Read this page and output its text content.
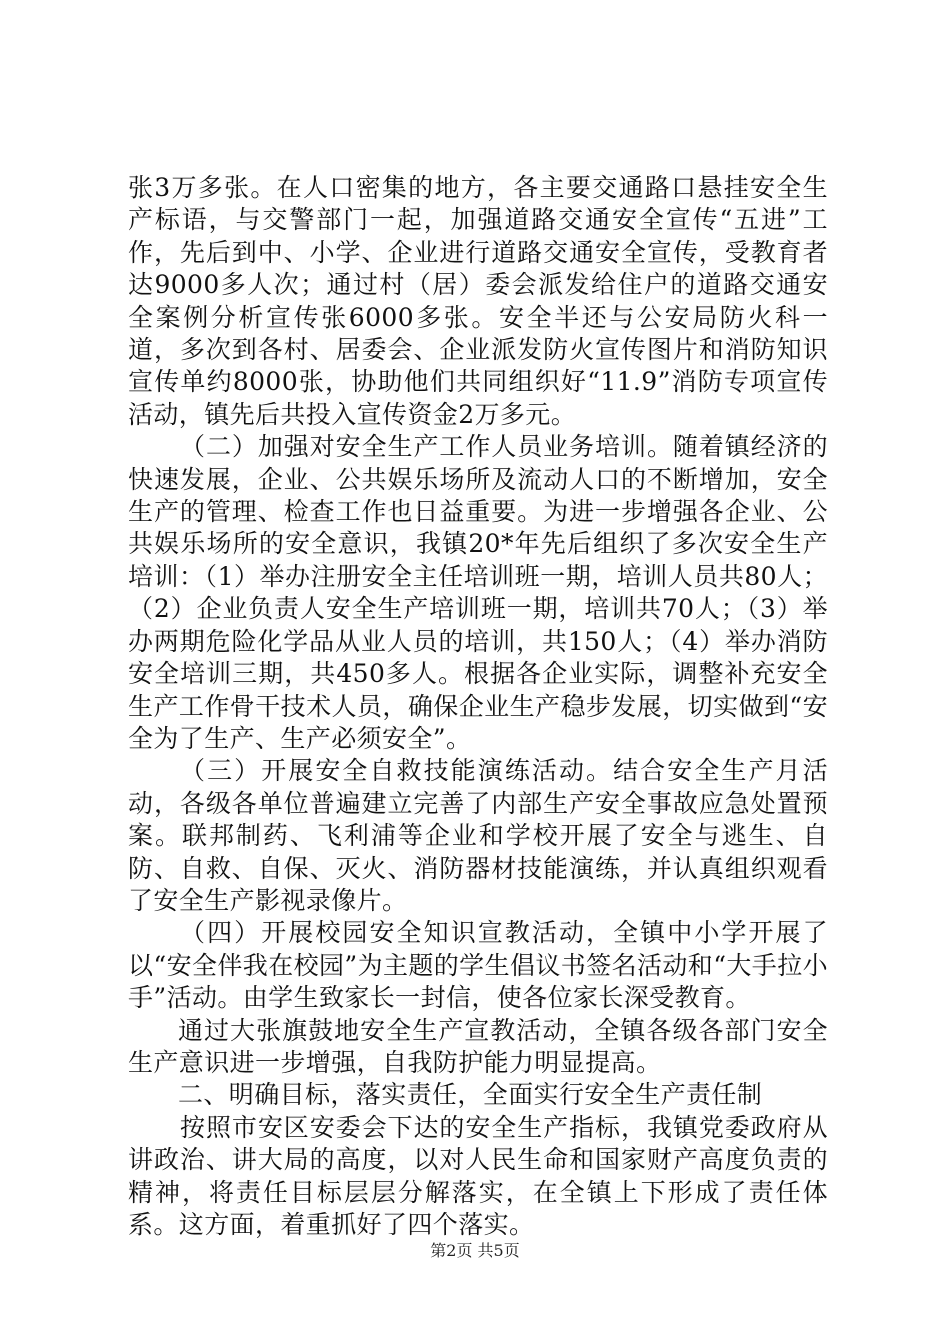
张3万多张。在人口密集的地方，各主要交通路口悬挂安全生产标语，与交警部门一起，加强道路交通安全宣传“五进”工作，先后到中、小学、企业进行道路交通安全宣传，受教育者达9000多人次；通过村（居）委会派发给住户的道路交通安全案例分析宣传张6000多张。安全半还与公安局防火科一道，多次到各村、居委会、企业派发防火宣传图片和消防知识宣传单约8000张，协助他们共同组织好“11.9”消防专项宣传活动，镇先后共投入宣传资金2万多元。

（二）加强对安全生产工作人员业务培训。随着镇经济的快速发展，企业、公共娱乐场所及流动人口的不断增加，安全生产的管理、检查工作也日益重要。为进一步增强各企业、公共娱乐场所的安全意识，我镇20*年先后组织了多次安全生产培训：（1）举办注册安全主任培训班一期，培训人员共80人；（2）企业负责人安全生产培训班一期，培训共70人；（3）举办两期危险化学品从业人员的培训，共150人；（4）举办消防安全培训三期，共450多人。根据各企业实际，调整补充安全生产工作骨干技术人员，确保企业生产稳步发展，切实做到“安全为了生产、生产必须安全”。

（三）开展安全自救技能演练活动。结合安全生产月活动，各级各单位普遍建立完善了内部生产安全事故应急处置预案。联邦制药、飞利浦等企业和学校开展了安全与逃生、自防、自救、自保、灭火、消防器材技能演练，并认真组织观看了安全生产影视录像片。

（四）开展校园安全知识宣教活动，全镇中小学开展了以“安全伴我在校园”为主题的学生倡议书签名活动和“大手拉小手”活动。由学生致家长一封信，使各位家长深受教育。

通过大张旗鼓地安全生产宣教活动，全镇各级各部门安全生产意识进一步增强，自我防护能力明显提高。

二、明确目标，落实责任，全面实行安全生产责任制

按照市安区安委会下达的安全生产指标，我镇党委政府从讲政治、讲大局的高度，以对人民生命和国家财产高度负责的精神，将责任目标层层分解落实，在全镇上下形成了责任体系。这方面，着重抓好了四个落实。

第2页 共5页
